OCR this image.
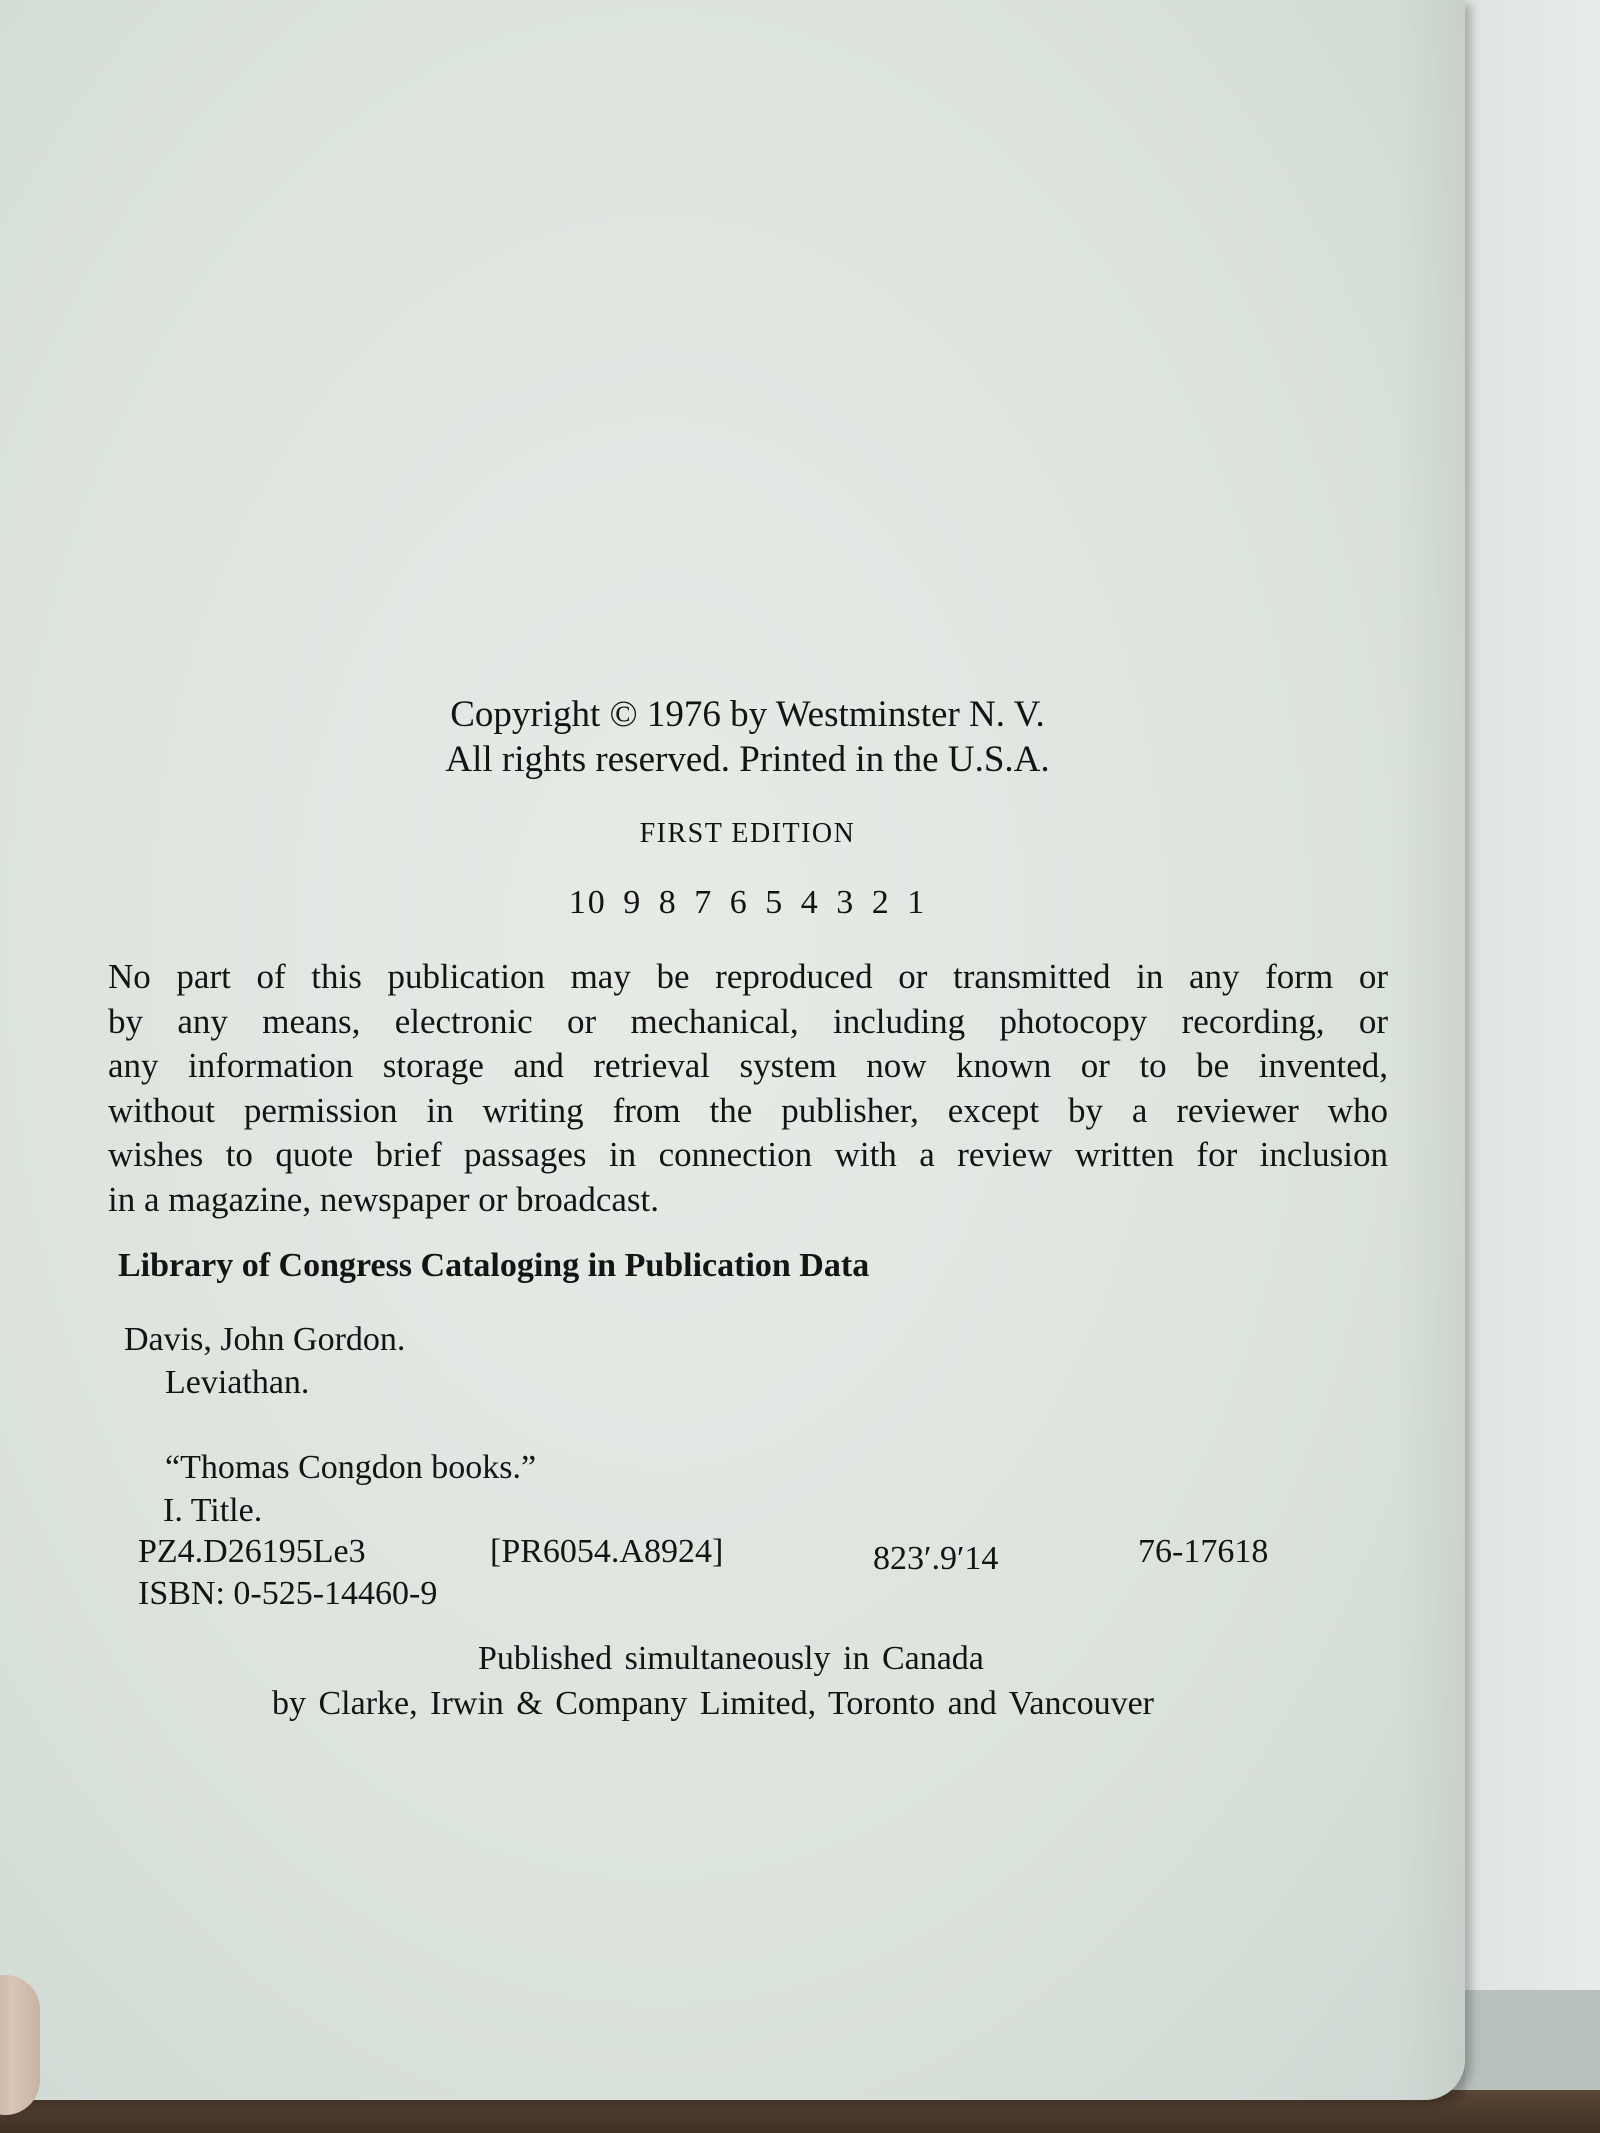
Copyright © 1976 by Westminster N. V.

All rights reserved. Printed in the U.S.A.

FIRST EDITION

10 9 8 7 6 5 4 3 2 1

No part of this publication may be reproduced or transmitted in any form or
by any means, electronic or mechanical, including photocopy recording, or
any information storage and retrieval system now known or to be invented,
without permission in writing from the publisher, except by a reviewer who
wishes to quote brief passages in connection with a review written for inclusion
in a magazine, newspaper or broadcast.

Library of Congress Cataloging in Publication Data

Davis, John Gordon.

Leviathan.

“Thomas Congdon books.”

I. Title.

PZ4.D26195Le3	[PR6054.A8924]	823′.9′14	76-17618

ISBN: 0-525-14460-9

Published simultaneously in Canada

by Clarke, Irwin & Company Limited, Toronto and Vancouver
